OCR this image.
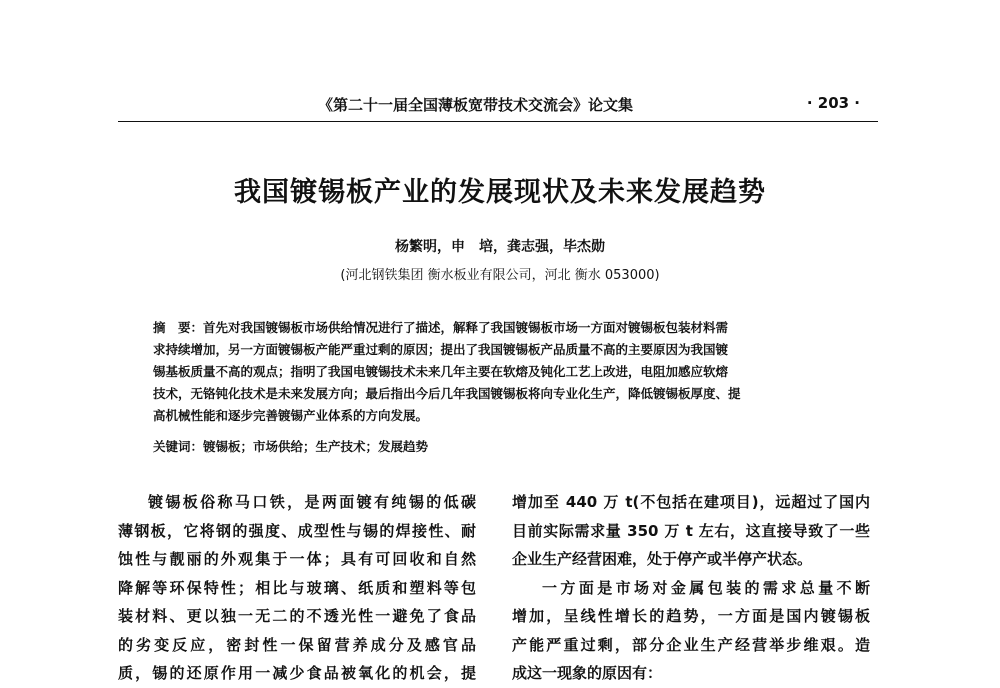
《第二十一届全国薄板宽带技术交流会》论文集	· 203 ·
我国镀锡板产业的发展现状及未来发展趋势
杨繁明，申　培，龚志强，毕杰勋
(河北钢铁集团 衡水板业有限公司，河北 衡水 053000)
摘　要：首先对我国镀锡板市场供给情况进行了描述，解释了我国镀锡板市场一方面对镀锡板包装材料需
求持续增加，另一方面镀锡板产能严重过剩的原因；提出了我国镀锡板产品质量不高的主要原因为我国镀
锡基板质量不高的观点；指明了我国电镀锡技术未来几年主要在软熔及钝化工艺上改进，电阻加感应软熔
技术，无铬钝化技术是未来发展方向；最后指出今后几年我国镀锡板将向专业化生产，降低镀锡板厚度、提
高机械性能和逐步完善镀锡产业体系的方向发展。
关键词：镀锡板；市场供给；生产技术；发展趋势
镀锡板俗称马口铁，是两面镀有纯锡的低碳
薄钢板，它将钢的强度、成型性与锡的焊接性、耐
蚀性与靓丽的外观集于一体；具有可回收和自然
降解等环保特性；相比与玻璃、纸质和塑料等包
装材料、更以独一无二的不透光性一避免了食品
的劣变反应，密封性一保留营养成分及感官品
质，锡的还原作用一减少食品被氧化的机会，提
增加至 440 万 t(不包括在建项目)，远超过了国内
目前实际需求量 350 万 t 左右，这直接导致了一些
企业生产经营困难，处于停产或半停产状态。
一方面是市场对金属包装的需求总量不断
增加，呈线性增长的趋势，一方面是国内镀锡板
产能严重过剩，部分企业生产经营举步维艰。造
成这一现象的原因有：
